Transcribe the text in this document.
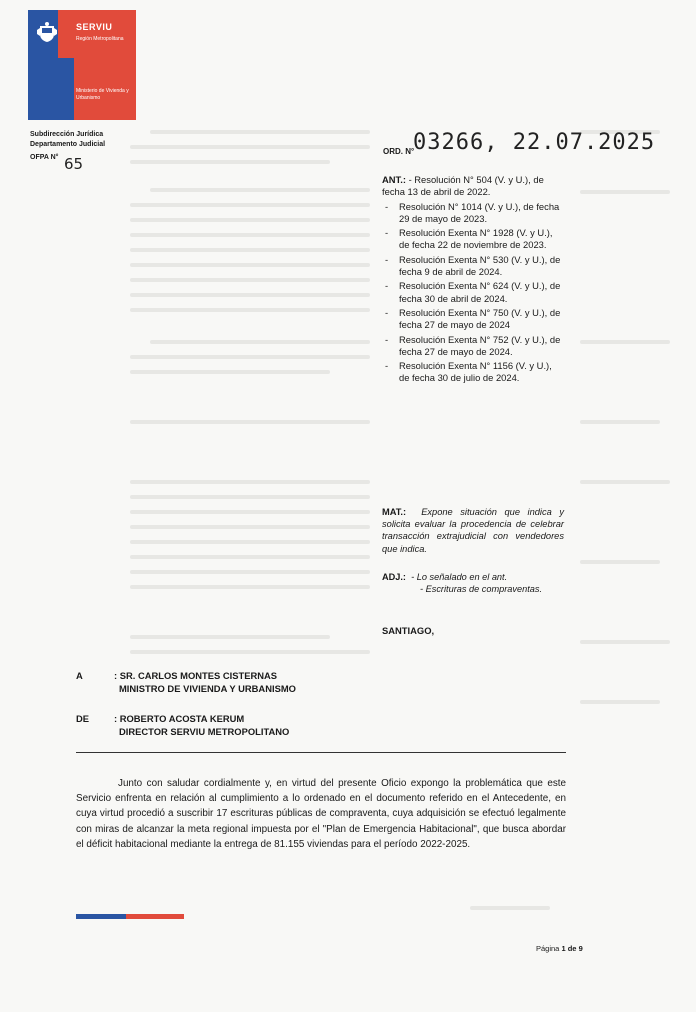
SERVIU
Región Metropolitana
Ministerio de Vivienda y Urbanismo
Subdirección Jurídica
Departamento Judicial
OFPA N° 65
ORD. N°
03266, 22.07.2025
ANT.: - Resolución N° 504 (V. y U.), de fecha 13 de abril de 2022.
- Resolución N° 1014 (V. y U.), de fecha 29 de mayo de 2023.
- Resolución Exenta N° 1928 (V. y U.), de fecha 22 de noviembre de 2023.
- Resolución Exenta N° 530 (V. y U.), de fecha 9 de abril de 2024.
- Resolución Exenta N° 624 (V. y U.), de fecha 30 de abril de 2024.
- Resolución Exenta N° 750 (V. y U.), de fecha 27 de mayo de 2024
- Resolución Exenta N° 752 (V. y U.), de fecha 27 de mayo de 2024.
- Resolución Exenta N° 1156 (V. y U.), de fecha 30 de julio de 2024.
MAT.: Expone situación que indica y solicita evaluar la procedencia de celebrar transacción extrajudicial con vendedores que indica.
ADJ.: - Lo señalado en el ant.
- Escrituras de compraventas.
SANTIAGO,
A	: SR. CARLOS MONTES CISTERNAS
MINISTRO DE VIVIENDA Y URBANISMO
DE	: ROBERTO ACOSTA KERUM
DIRECTOR SERVIU METROPOLITANO
Junto con saludar cordialmente y, en virtud del presente Oficio expongo la problemática que este Servicio enfrenta en relación al cumplimiento a lo ordenado en el documento referido en el Antecedente, en cuya virtud procedió a suscribir 17 escrituras públicas de compraventa, cuya adquisición se efectuó legalmente con miras de alcanzar la meta regional impuesta por el "Plan de Emergencia Habitacional", que busca abordar el déficit habitacional mediante la entrega de 81.155 viviendas para el período 2022-2025.
Página 1 de 9
